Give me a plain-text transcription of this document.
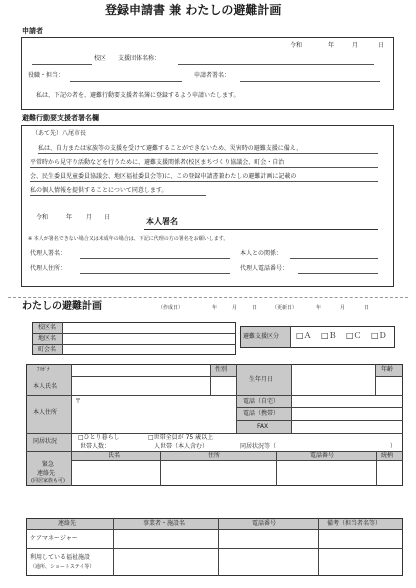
登録申請書 兼 わたしの避難計画
申請者
令和	年	月	日
校区 支援団体名称：
役職・担当：	申請者署名：
私は、下記の者を、避難行動要支援者名簿に登録するよう申請いたします。
避難行動要支援者署名欄
（あて先）八尾市長
私は、自力または家族等の支援を受けて避難することができないため、災害時の避難支援に備え、
平常時から見守り活動などを行うために、避難支援関係者(校区まちづくり協議会、町会・自治
会、民生委員児童委員協議会、地区福祉委員会等)に、この登録申請書兼わたしの避難計画に記載の
私の個人情報を提供することについて同意します。
令和	年 月 日	本人署名
※ 本人が署名できない場合又は未成年の場合は、下記に代理の方の署名をお願いします。
代理人署名：	本人との関係：
代理人住所：	代理人電話番号：
わたしの避難計画	（作成日）	年	月	日	（更新日）	年	月	日
校区名
地区名
町会名
避難支援区分 □Ａ □Ｂ □Ｃ □Ｄ
ﾌﾘｶﾞﾅ
本人氏名
性別
生年月日
年齢
本人住所
〒	電話（自宅）
電話（携帯）
FAX
同居状況
□ひとり暮らし	□世帯全員が 75 歳以上
世帯人数：	人世帯（本人含む）	同居状況等（	）
緊急
連絡先
(同居家族も可)
氏名	住所	電話番号	続柄
連絡先	事業者・施設名	電話番号	備考（担当者名等）
ケアマネージャー
利用している福祉施設
（通所、ショートステイ等）
